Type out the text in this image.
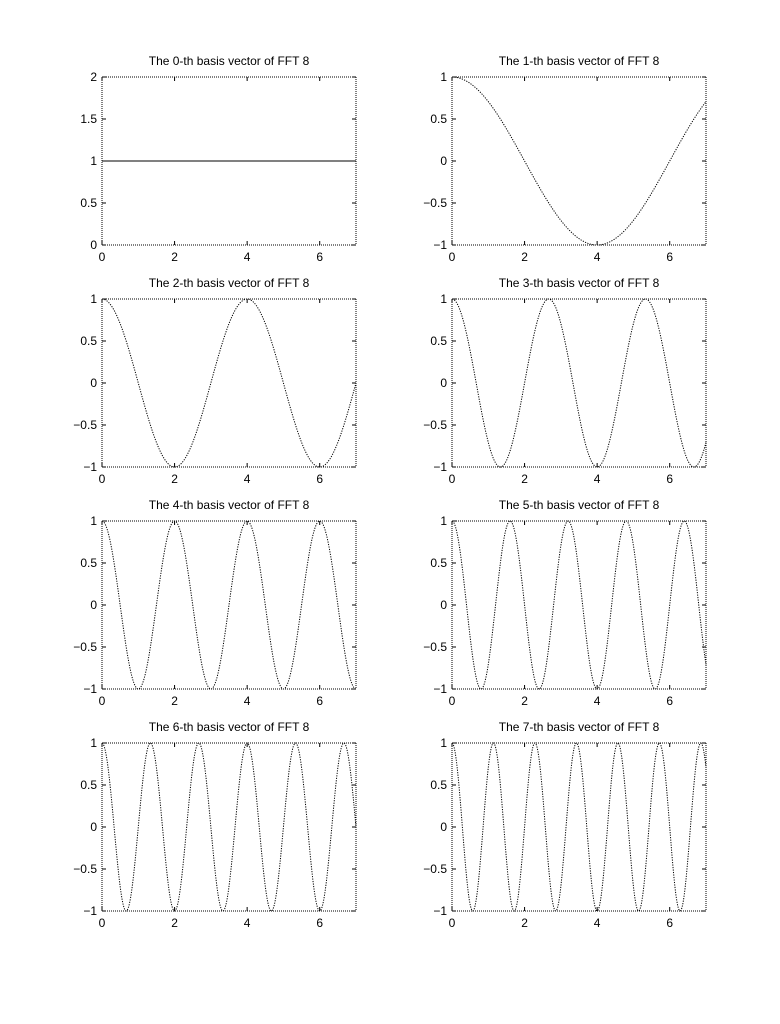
The 0-th basis vector of FFT 8
0	2	4	6
0
0.5
1
1.5
2
The 1-th basis vector of FFT 8
0	2	4	6
−1
−0.5
0
0.5
1
The 2-th basis vector of FFT 8
0	2	4	6
−1
−0.5
0
0.5
1
The 3-th basis vector of FFT 8
0	2	4	6
−1
−0.5
0
0.5
1
The 4-th basis vector of FFT 8
0	2	4	6
−1
−0.5
0
0.5
1
The 5-th basis vector of FFT 8
0	2	4	6
−1
−0.5
0
0.5
1
The 6-th basis vector of FFT 8
0	2	4	6
−1
−0.5
0
0.5
1
The 7-th basis vector of FFT 8
0	2	4	6
−1
−0.5
0
0.5
1
